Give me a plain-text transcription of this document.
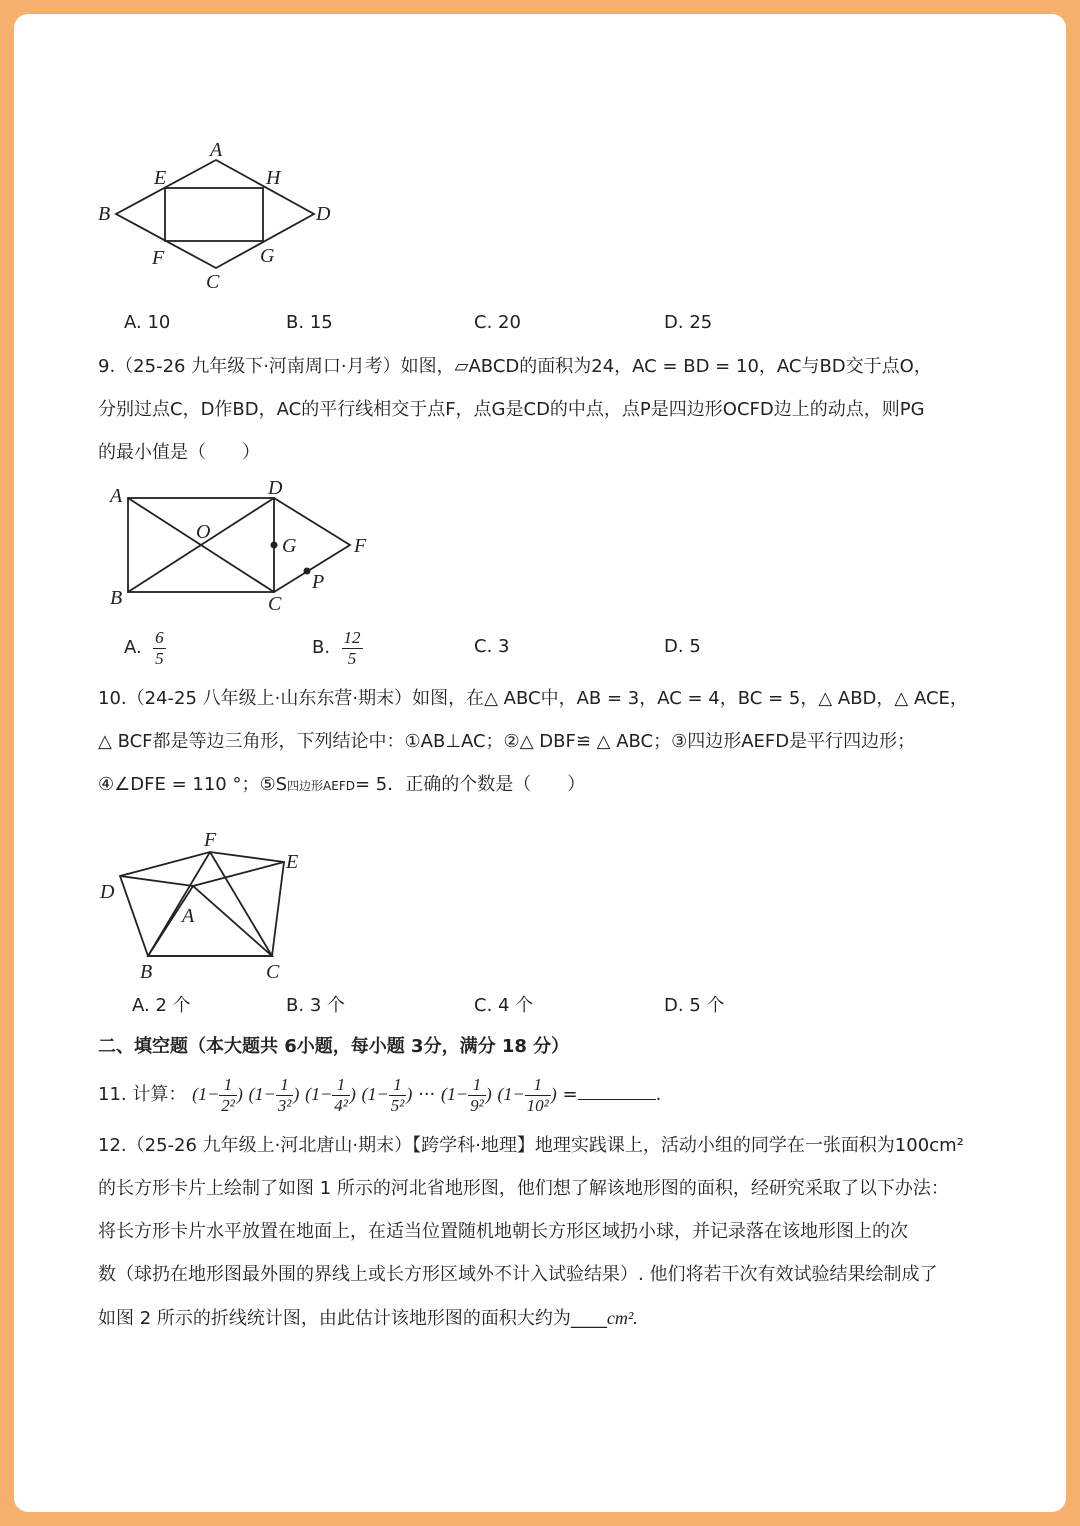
A
B
C
D
E
F	G
H
A. 10	B. 15	C. 20	D. 25
9.（25-26 九年级下·河南周口·月考）如图，▱ABCD的面积为24，AC = BD = 10，AC与BD交于点O，
分别过点C，D作BD，AC的平行线相交于点F，点G是CD的中点，点P是四边形OCFD边上的动点，则PG
的最小值是（　　）
A
B	C
D
O
G	F
P
A. $\frac{6}{5}$	B. $\frac{12}{5}$	C. 3	D. 5
10.（24-25 八年级上·山东东营·期末）如图，在△ ABC中，AB = 3，AC = 4，BC = 5，△ ABD，△ ACE，
△ BCF都是等边三角形，下列结论中：①AB⊥AC；②△ DBF≌ △ ABC；③四边形AEFD是平行四边形；
④∠DFE = 110 °；⑤S四边形AEFD= 5．正确的个数是（　　）
F
E
D
A
B	C
A. 2 个	B. 3 个	C. 4 个	D. 5 个
二、填空题（本大题共 6小题，每小题 3分，满分 18 分）
11. 计算： ($1- \frac{1}{\text{2²}}$ ) ($1- \frac{1}{\text{3²}}$ ) ($1- \frac{1}{\text{4²}}$ ) ($1- \frac{1}{\text{5²}}$ ) ··· ($1- \frac{1}{\text{9²}}$ ) ($1- \frac{1}{\text{10²}}$ ) =	.
12.（25-26 九年级上·河北唐山·期末）【跨学科·地理】地理实践课上，活动小组的同学在一张面积为100cm²
的长方形卡片上绘制了如图 1 所示的河北省地形图，他们想了解该地形图的面积，经研究采取了以下办法：
将长方形卡片水平放置在地面上，在适当位置随机地朝长方形区域扔小球，并记录落在该地形图上的次
数（球扔在地形图最外围的界线上或长方形区域外不计入试验结果）. 他们将若干次有效试验结果绘制成了
如图 2 所示的折线统计图，由此估计该地形图的面积大约为____cm².
